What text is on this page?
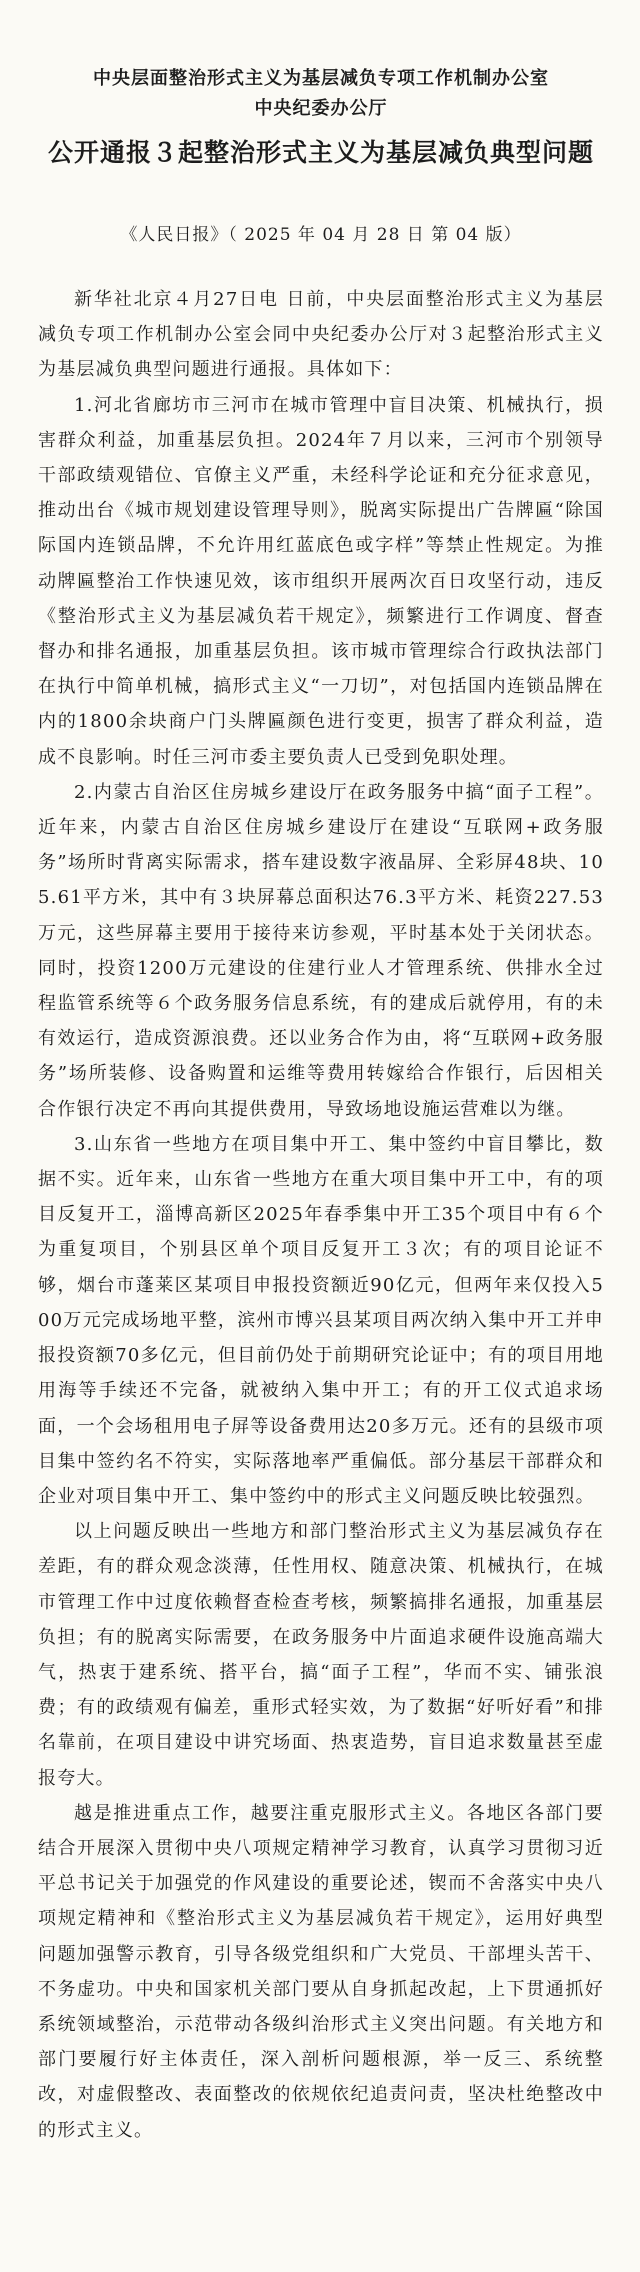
中央层面整治形式主义为基层减负专项工作机制办公室
中央纪委办公厅
公开通报３起整治形式主义为基层减负典型问题
《人民日报》（ 2025 年 04 月 28 日 第 04 版）

新华社北京４月27日电 日前，中央层面整治形式主义为基层减负专项工作机制办公室会同中央纪委办公厅对３起整治形式主义为基层减负典型问题进行通报。具体如下：

1.河北省廊坊市三河市在城市管理中盲目决策、机械执行，损害群众利益，加重基层负担。2024年７月以来，三河市个别领导干部政绩观错位、官僚主义严重，未经科学论证和充分征求意见，推动出台《城市规划建设管理导则》，脱离实际提出广告牌匾“除国际国内连锁品牌，不允许用红蓝底色或字样”等禁止性规定。为推动牌匾整治工作快速见效，该市组织开展两次百日攻坚行动，违反《整治形式主义为基层减负若干规定》，频繁进行工作调度、督查督办和排名通报，加重基层负担。该市城市管理综合行政执法部门在执行中简单机械，搞形式主义“一刀切”，对包括国内连锁品牌在内的1800余块商户门头牌匾颜色进行变更，损害了群众利益，造成不良影响。时任三河市委主要负责人已受到免职处理。

2.内蒙古自治区住房城乡建设厅在政务服务中搞“面子工程”。近年来，内蒙古自治区住房城乡建设厅在建设“互联网+政务服务”场所时背离实际需求，搭车建设数字液晶屏、全彩屏48块、105.61平方米，其中有３块屏幕总面积达76.3平方米、耗资227.53万元，这些屏幕主要用于接待来访参观，平时基本处于关闭状态。同时，投资1200万元建设的住建行业人才管理系统、供排水全过程监管系统等６个政务服务信息系统，有的建成后就停用，有的未有效运行，造成资源浪费。还以业务合作为由，将“互联网+政务服务”场所装修、设备购置和运维等费用转嫁给合作银行，后因相关合作银行决定不再向其提供费用，导致场地设施运营难以为继。

3.山东省一些地方在项目集中开工、集中签约中盲目攀比，数据不实。近年来，山东省一些地方在重大项目集中开工中，有的项目反复开工，淄博高新区2025年春季集中开工35个项目中有６个为重复项目，个别县区单个项目反复开工３次；有的项目论证不够，烟台市蓬莱区某项目申报投资额近90亿元，但两年来仅投入500万元完成场地平整，滨州市博兴县某项目两次纳入集中开工并申报投资额70多亿元，但目前仍处于前期研究论证中；有的项目用地用海等手续还不完备，就被纳入集中开工；有的开工仪式追求场面，一个会场租用电子屏等设备费用达20多万元。还有的县级市项目集中签约名不符实，实际落地率严重偏低。部分基层干部群众和企业对项目集中开工、集中签约中的形式主义问题反映比较强烈。

以上问题反映出一些地方和部门整治形式主义为基层减负存在差距，有的群众观念淡薄，任性用权、随意决策、机械执行，在城市管理工作中过度依赖督查检查考核，频繁搞排名通报，加重基层负担；有的脱离实际需要，在政务服务中片面追求硬件设施高端大气，热衷于建系统、搭平台，搞“面子工程”，华而不实、铺张浪费；有的政绩观有偏差，重形式轻实效，为了数据“好听好看”和排名靠前，在项目建设中讲究场面、热衷造势，盲目追求数量甚至虚报夸大。

越是推进重点工作，越要注重克服形式主义。各地区各部门要结合开展深入贯彻中央八项规定精神学习教育，认真学习贯彻习近平总书记关于加强党的作风建设的重要论述，锲而不舍落实中央八项规定精神和《整治形式主义为基层减负若干规定》，运用好典型问题加强警示教育，引导各级党组织和广大党员、干部埋头苦干、不务虚功。中央和国家机关部门要从自身抓起改起，上下贯通抓好系统领域整治，示范带动各级纠治形式主义突出问题。有关地方和部门要履行好主体责任，深入剖析问题根源，举一反三、系统整改，对虚假整改、表面整改的依规依纪追责问责，坚决杜绝整改中的形式主义。
